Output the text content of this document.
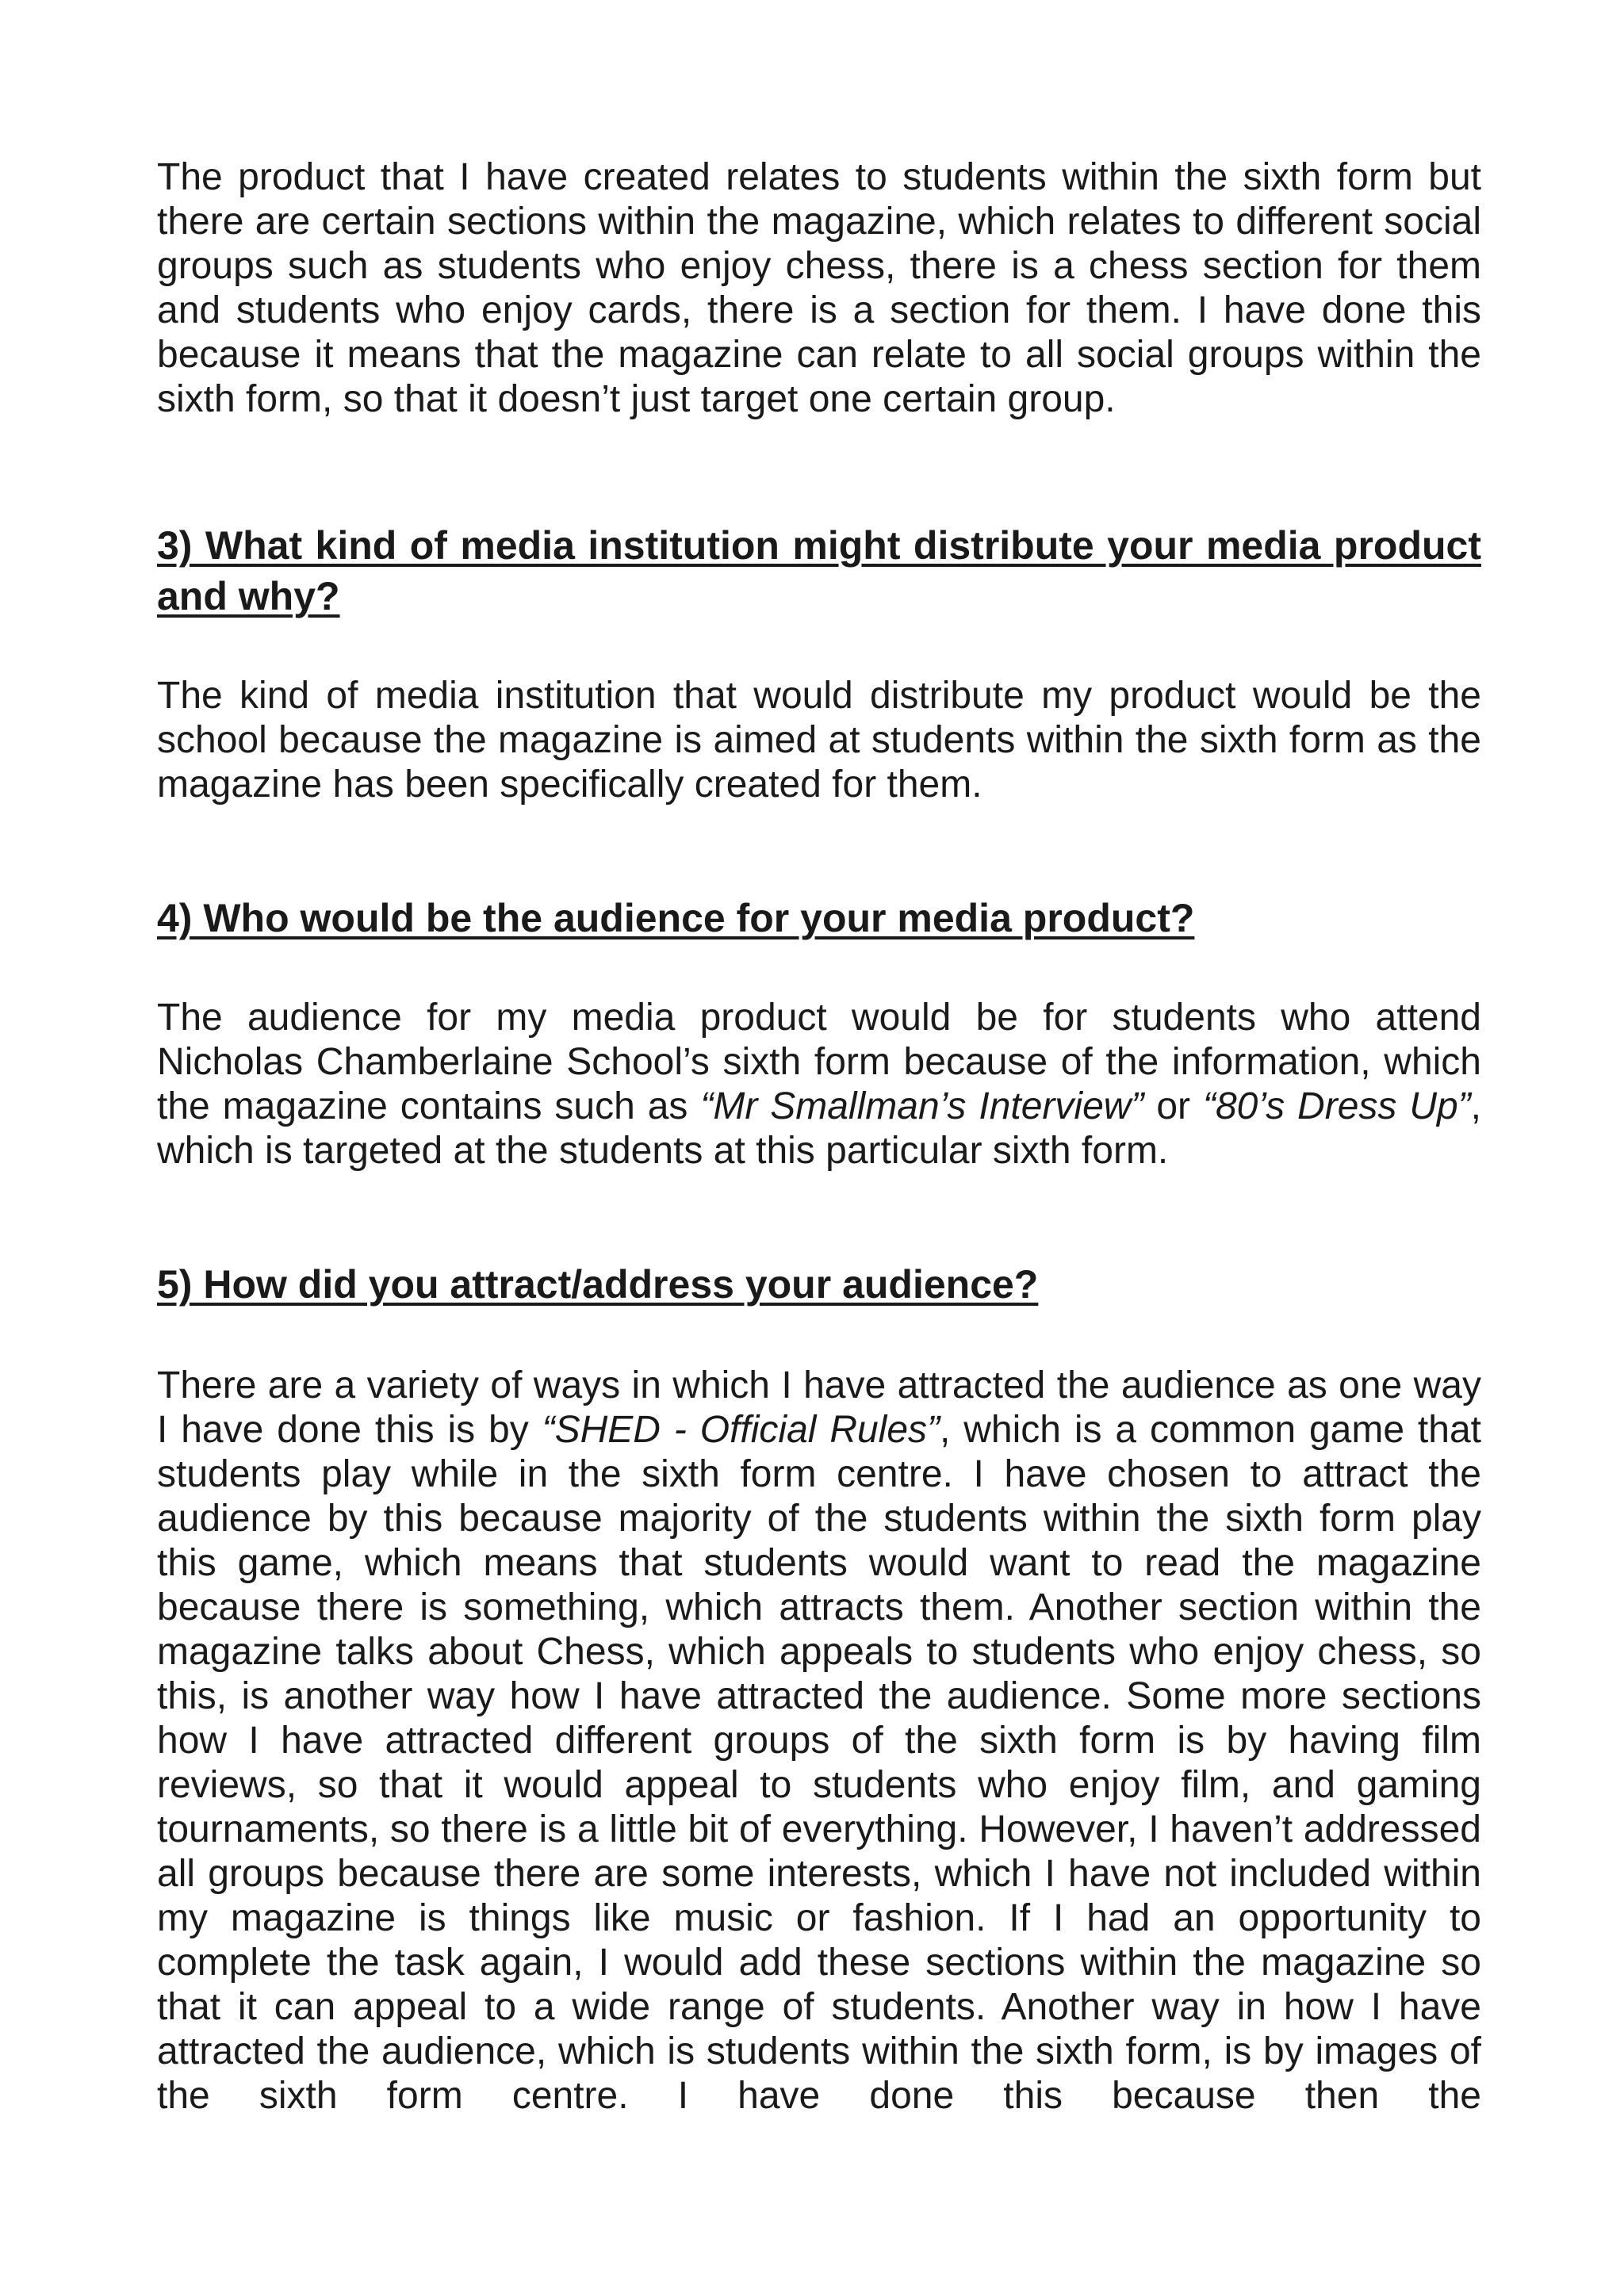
The product that I have created relates to students within the sixth form but there are certain sections within the magazine, which relates to different social groups such as students who enjoy chess, there is a chess section for them and students who enjoy cards, there is a section for them. I have done this because it means that the magazine can relate to all social groups within the sixth form, so that it doesn’t just target one certain group.

3) What kind of media institution might distribute your media product and why?

The kind of media institution that would distribute my product would be the school because the magazine is aimed at students within the sixth form as the magazine has been specifically created for them.

4) Who would be the audience for your media product?

The audience for my media product would be for students who attend Nicholas Chamberlaine School’s sixth form because of the information, which the magazine contains such as “Mr Smallman’s Interview” or “80’s Dress Up”, which is targeted at the students at this particular sixth form.

5) How did you attract/address your audience?

There are a variety of ways in which I have attracted the audience as one way I have done this is by “SHED - Official Rules”, which is a common game that students play while in the sixth form centre. I have chosen to attract the audience by this because majority of the students within the sixth form play this game, which means that students would want to read the magazine because there is something, which attracts them. Another section within the magazine talks about Chess, which appeals to students who enjoy chess, so this, is another way how I have attracted the audience. Some more sections how I have attracted different groups of the sixth form is by having film reviews, so that it would appeal to students who enjoy film, and gaming tournaments, so there is a little bit of everything. However, I haven’t addressed all groups because there are some interests, which I have not included within my magazine is things like music or fashion. If I had an opportunity to complete the task again, I would add these sections within the magazine so that it can appeal to a wide range of students. Another way in how I have attracted the audience, which is students within the sixth form, is by images of the sixth form centre. I have done this because then the
